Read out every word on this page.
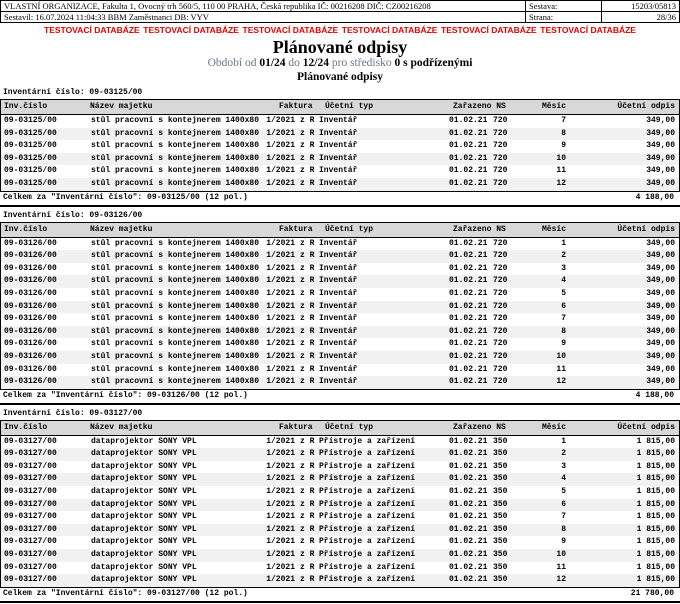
VLASTNÍ ORGANIZACE, Fakulta 1, Ovocný trh 560/5, 110 00 PRAHA, Česká republika IČ: 00216208 DIČ: CZ00216208	Sestava:	15203/05813
Sestavil: 16.07.2024 11:04:33 BBM Zaměstnanci DB: VYV	Strana:	28/36
TESTOVACÍ DATABÁZE TESTOVACÍ DATABÁZE TESTOVACÍ DATABÁZE TESTOVACÍ DATABÁZE TESTOVACÍ DATABÁZE TESTOVACÍ DATABÁZE
Plánované odpisy
Období od 01/24 do 12/24 pro středisko 0 s podřízenými
Plánované odpisy
Inventární číslo: 09-03125/00
Inv.číslo	Název majetku	Faktura Účetní typ	Zařazeno NS	Měsíc	Účetní odpis
09-03125/00	stůl pracovní s kontejnerem 1400x80 1/2021 z R Inventář	01.02.21 720	7	349,00
09-03125/00	stůl pracovní s kontejnerem 1400x80 1/2021 z R Inventář	01.02.21 720	8	349,00
09-03125/00	stůl pracovní s kontejnerem 1400x80 1/2021 z R Inventář	01.02.21 720	9	349,00
09-03125/00	stůl pracovní s kontejnerem 1400x80 1/2021 z R Inventář	01.02.21 720	10	349,00
09-03125/00	stůl pracovní s kontejnerem 1400x80 1/2021 z R Inventář	01.02.21 720	11	349,00
09-03125/00	stůl pracovní s kontejnerem 1400x80 1/2021 z R Inventář	01.02.21 720	12	349,00
Celkem za "Inventární číslo": 09-03125/00 (12 pol.)	4 188,00
Inventární číslo: 09-03126/00
Inv.číslo	Název majetku	Faktura Účetní typ	Zařazeno NS	Měsíc	Účetní odpis
09-03126/00	stůl pracovní s kontejnerem 1400x80 1/2021 z R Inventář	01.02.21 720	1	349,00
09-03126/00	stůl pracovní s kontejnerem 1400x80 1/2021 z R Inventář	01.02.21 720	2	349,00
09-03126/00	stůl pracovní s kontejnerem 1400x80 1/2021 z R Inventář	01.02.21 720	3	349,00
09-03126/00	stůl pracovní s kontejnerem 1400x80 1/2021 z R Inventář	01.02.21 720	4	349,00
09-03126/00	stůl pracovní s kontejnerem 1400x80 1/2021 z R Inventář	01.02.21 720	5	349,00
09-03126/00	stůl pracovní s kontejnerem 1400x80 1/2021 z R Inventář	01.02.21 720	6	349,00
09-03126/00	stůl pracovní s kontejnerem 1400x80 1/2021 z R Inventář	01.02.21 720	7	349,00
09-03126/00	stůl pracovní s kontejnerem 1400x80 1/2021 z R Inventář	01.02.21 720	8	349,00
09-03126/00	stůl pracovní s kontejnerem 1400x80 1/2021 z R Inventář	01.02.21 720	9	349,00
09-03126/00	stůl pracovní s kontejnerem 1400x80 1/2021 z R Inventář	01.02.21 720	10	349,00
09-03126/00	stůl pracovní s kontejnerem 1400x80 1/2021 z R Inventář	01.02.21 720	11	349,00
09-03126/00	stůl pracovní s kontejnerem 1400x80 1/2021 z R Inventář	01.02.21 720	12	349,00
Celkem za "Inventární číslo": 09-03126/00 (12 pol.)	4 188,00
Inventární číslo: 09-03127/00
Inv.číslo	Název majetku	Faktura Účetní typ	Zařazeno NS	Měsíc	Účetní odpis
09-03127/00	dataprojektor SONY VPL	1/2021 z R Přístroje a zařízení	01.02.21 350	1	1 815,00
09-03127/00	dataprojektor SONY VPL	1/2021 z R Přístroje a zařízení	01.02.21 350	2	1 815,00
09-03127/00	dataprojektor SONY VPL	1/2021 z R Přístroje a zařízení	01.02.21 350	3	1 815,00
09-03127/00	dataprojektor SONY VPL	1/2021 z R Přístroje a zařízení	01.02.21 350	4	1 815,00
09-03127/00	dataprojektor SONY VPL	1/2021 z R Přístroje a zařízení	01.02.21 350	5	1 815,00
09-03127/00	dataprojektor SONY VPL	1/2021 z R Přístroje a zařízení	01.02.21 350	6	1 815,00
09-03127/00	dataprojektor SONY VPL	1/2021 z R Přístroje a zařízení	01.02.21 350	7	1 815,00
09-03127/00	dataprojektor SONY VPL	1/2021 z R Přístroje a zařízení	01.02.21 350	8	1 815,00
09-03127/00	dataprojektor SONY VPL	1/2021 z R Přístroje a zařízení	01.02.21 350	9	1 815,00
09-03127/00	dataprojektor SONY VPL	1/2021 z R Přístroje a zařízení	01.02.21 350	10	1 815,00
09-03127/00	dataprojektor SONY VPL	1/2021 z R Přístroje a zařízení	01.02.21 350	11	1 815,00
09-03127/00	dataprojektor SONY VPL	1/2021 z R Přístroje a zařízení	01.02.21 350	12	1 815,00
Celkem za "Inventární číslo": 09-03127/00 (12 pol.)	21 780,00
